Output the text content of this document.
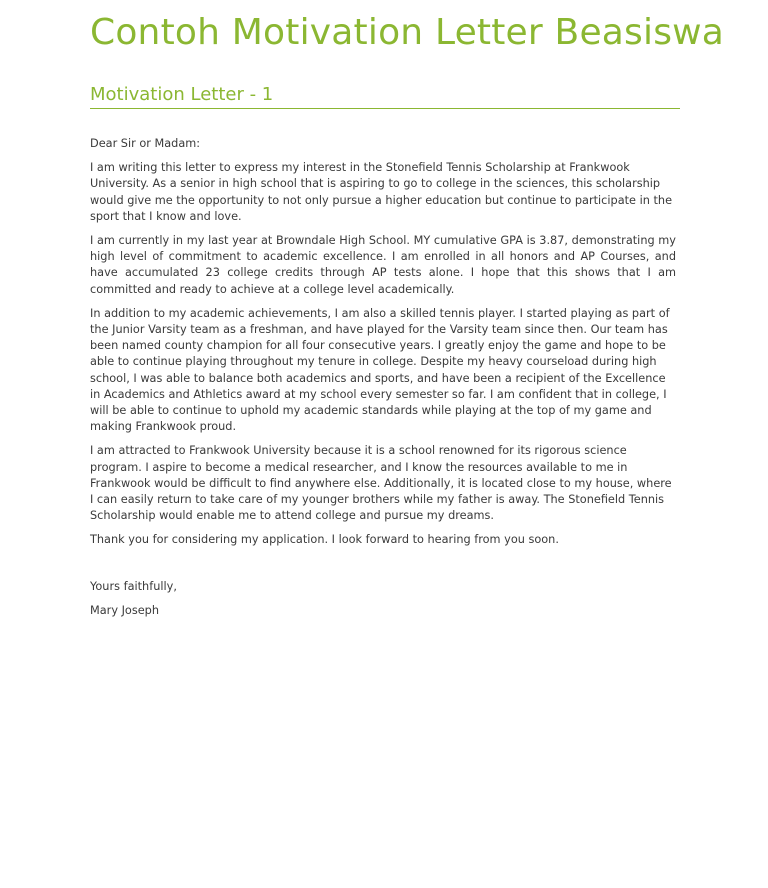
Contoh Motivation Letter Beasiswa
Motivation Letter - 1

Dear Sir or Madam:

I am writing this letter to express my interest in the Stonefield Tennis Scholarship at Frankwook University. As a senior in high school that is aspiring to go to college in the sciences, this scholarship would give me the opportunity to not only pursue a higher education but continue to participate in the sport that I know and love.

I am currently in my last year at Browndale High School. MY cumulative GPA is 3.87, demonstrating my high level of commitment to academic excellence. I am enrolled in all honors and AP Courses, and have accumulated 23 college credits through AP tests alone. I hope that this shows that I am committed and ready to achieve at a college level academically.

In addition to my academic achievements, I am also a skilled tennis player. I started playing as part of the Junior Varsity team as a freshman, and have played for the Varsity team since then. Our team has been named county champion for all four consecutive years. I greatly enjoy the game and hope to be able to continue playing throughout my tenure in college. Despite my heavy courseload during high school, I was able to balance both academics and sports, and have been a recipient of the Excellence in Academics and Athletics award at my school every semester so far. I am confident that in college, I will be able to continue to uphold my academic standards while playing at the top of my game and making Frankwook proud.

I am attracted to Frankwook University because it is a school renowned for its rigorous science program. I aspire to become a medical researcher, and I know the resources available to me in Frankwook would be difficult to find anywhere else. Additionally, it is located close to my house, where I can easily return to take care of my younger brothers while my father is away. The Stonefield Tennis Scholarship would enable me to attend college and pursue my dreams.

Thank you for considering my application. I look forward to hearing from you soon.

Yours faithfully,

Mary Joseph
